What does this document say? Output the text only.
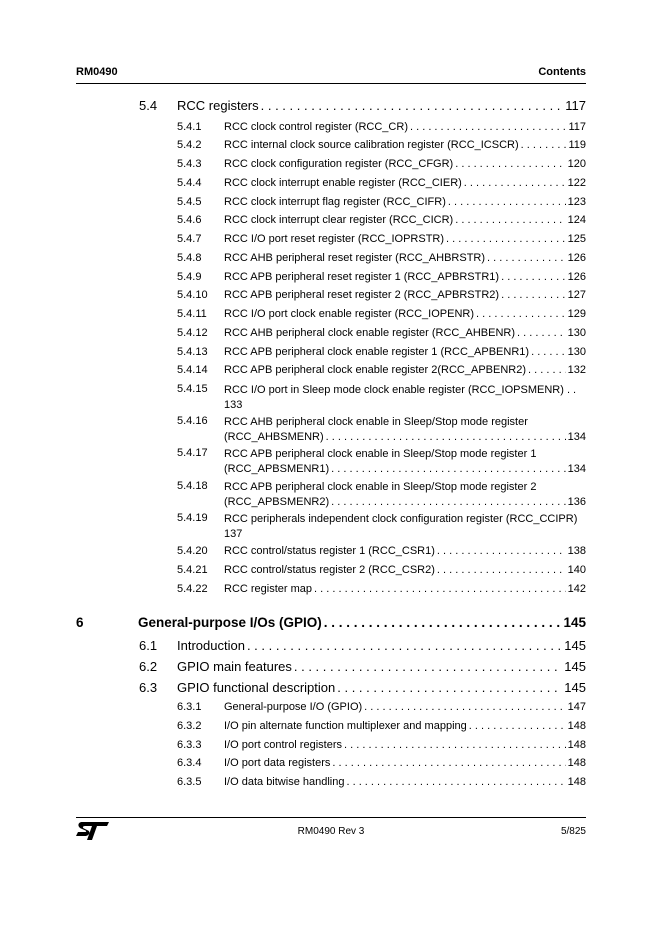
RM0490	Contents
5.4 RCC registers . . .	117
5.4.1 RCC clock control register (RCC_CR) . . .	117
5.4.2 RCC internal clock source calibration register (RCC_ICSCR) . . .	119
5.4.3 RCC clock configuration register (RCC_CFGR) . . .	120
5.4.4 RCC clock interrupt enable register (RCC_CIER) . . .	122
5.4.5 RCC clock interrupt flag register (RCC_CIFR) . . .	123
5.4.6 RCC clock interrupt clear register (RCC_CICR) . . .	124
5.4.7 RCC I/O port reset register (RCC_IOPRSTR) . . .	125
5.4.8 RCC AHB peripheral reset register (RCC_AHBRSTR) . . .	126
5.4.9 RCC APB peripheral reset register 1 (RCC_APBRSTR1) . . .	126
5.4.10 RCC APB peripheral reset register 2 (RCC_APBRSTR2) . . .	127
5.4.11 RCC I/O port clock enable register (RCC_IOPENR) . . .	129
5.4.12 RCC AHB peripheral clock enable register (RCC_AHBENR) . . .	130
5.4.13 RCC APB peripheral clock enable register 1 (RCC_APBENR1) . . .	130
5.4.14 RCC APB peripheral clock enable register 2(RCC_APBENR2) . . .	132
5.4.15 RCC I/O port in Sleep mode clock enable register (RCC_IOPSMENR) . .
133
5.4.16 RCC AHB peripheral clock enable in Sleep/Stop mode register
(RCC_AHBSMENR) . . .	134
5.4.17 RCC APB peripheral clock enable in Sleep/Stop mode register 1
(RCC_APBSMENR1) . . .	134
5.4.18 RCC APB peripheral clock enable in Sleep/Stop mode register 2
(RCC_APBSMENR2) . . .	136
5.4.19 RCC peripherals independent clock configuration register (RCC_CCIPR)
137
5.4.20 RCC control/status register 1 (RCC_CSR1) . . .	138
5.4.21 RCC control/status register 2 (RCC_CSR2) . . .	140
5.4.22 RCC register map . . .	142
6	General-purpose I/Os (GPIO) . . .	145
6.1 Introduction . . .	145
6.2 GPIO main features . . .	145
6.3 GPIO functional description . . .	145
6.3.1 General-purpose I/O (GPIO) . . .	147
6.3.2 I/O pin alternate function multiplexer and mapping . . .	148
6.3.3 I/O port control registers . . .	148
6.3.4 I/O port data registers . . .	148
6.3.5 I/O data bitwise handling . . .	148
RM0490 Rev 3	5/825
